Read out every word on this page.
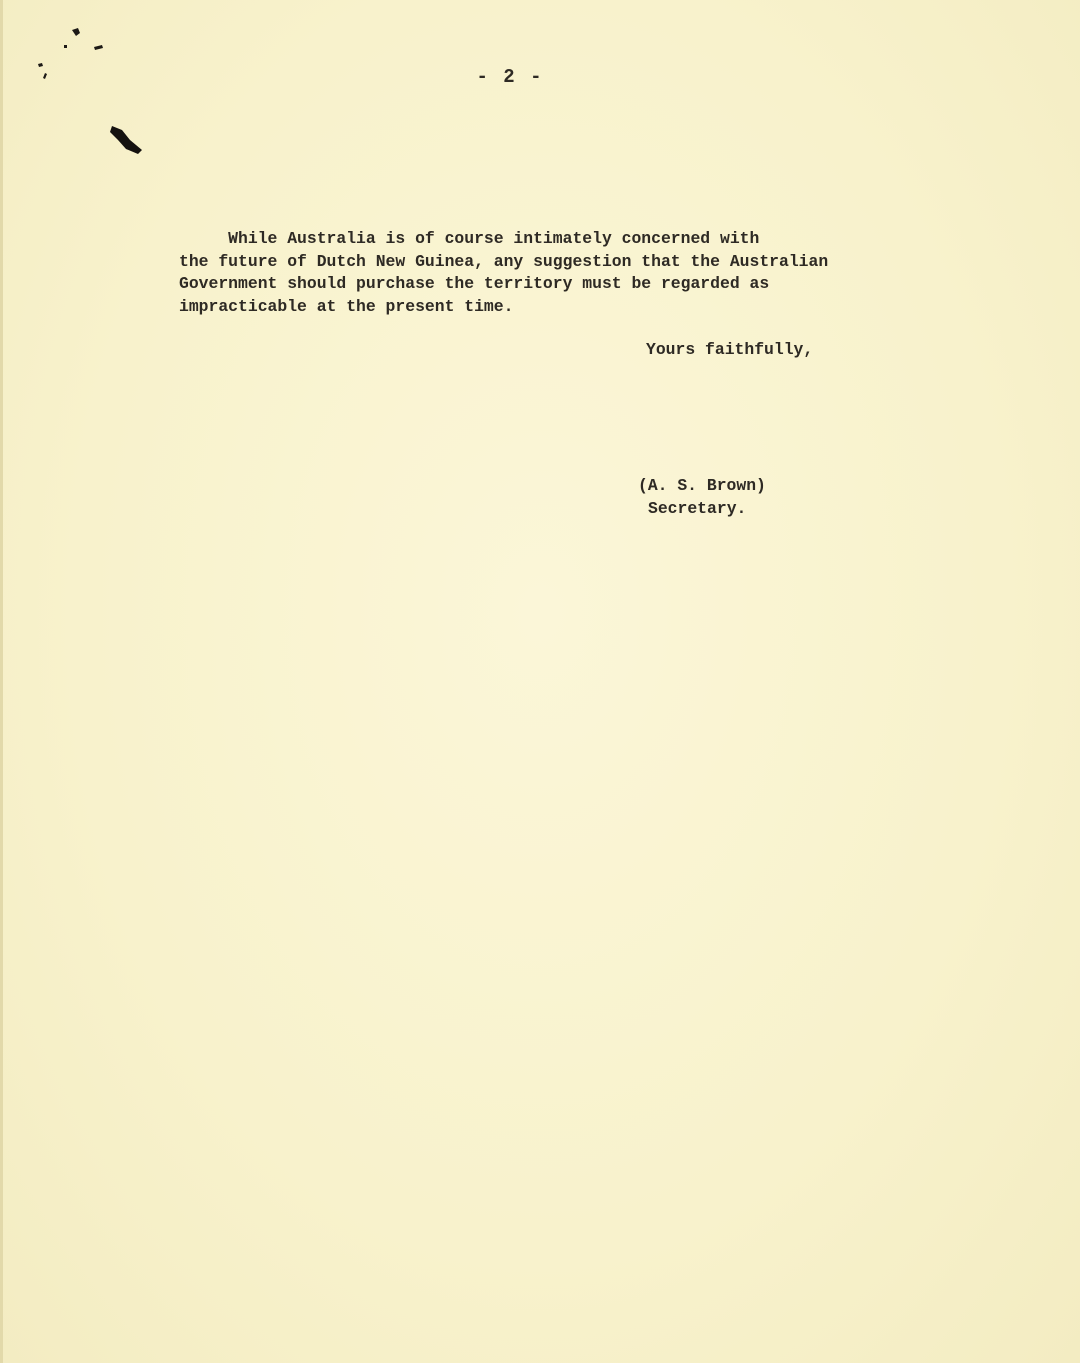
- 2 -
While Australia is of course intimately concerned with
the future of Dutch New Guinea, any suggestion that the Australian
Government should purchase the territory must be regarded as
impracticable at the present time.
Yours faithfully,
(A. S. Brown)
Secretary.
